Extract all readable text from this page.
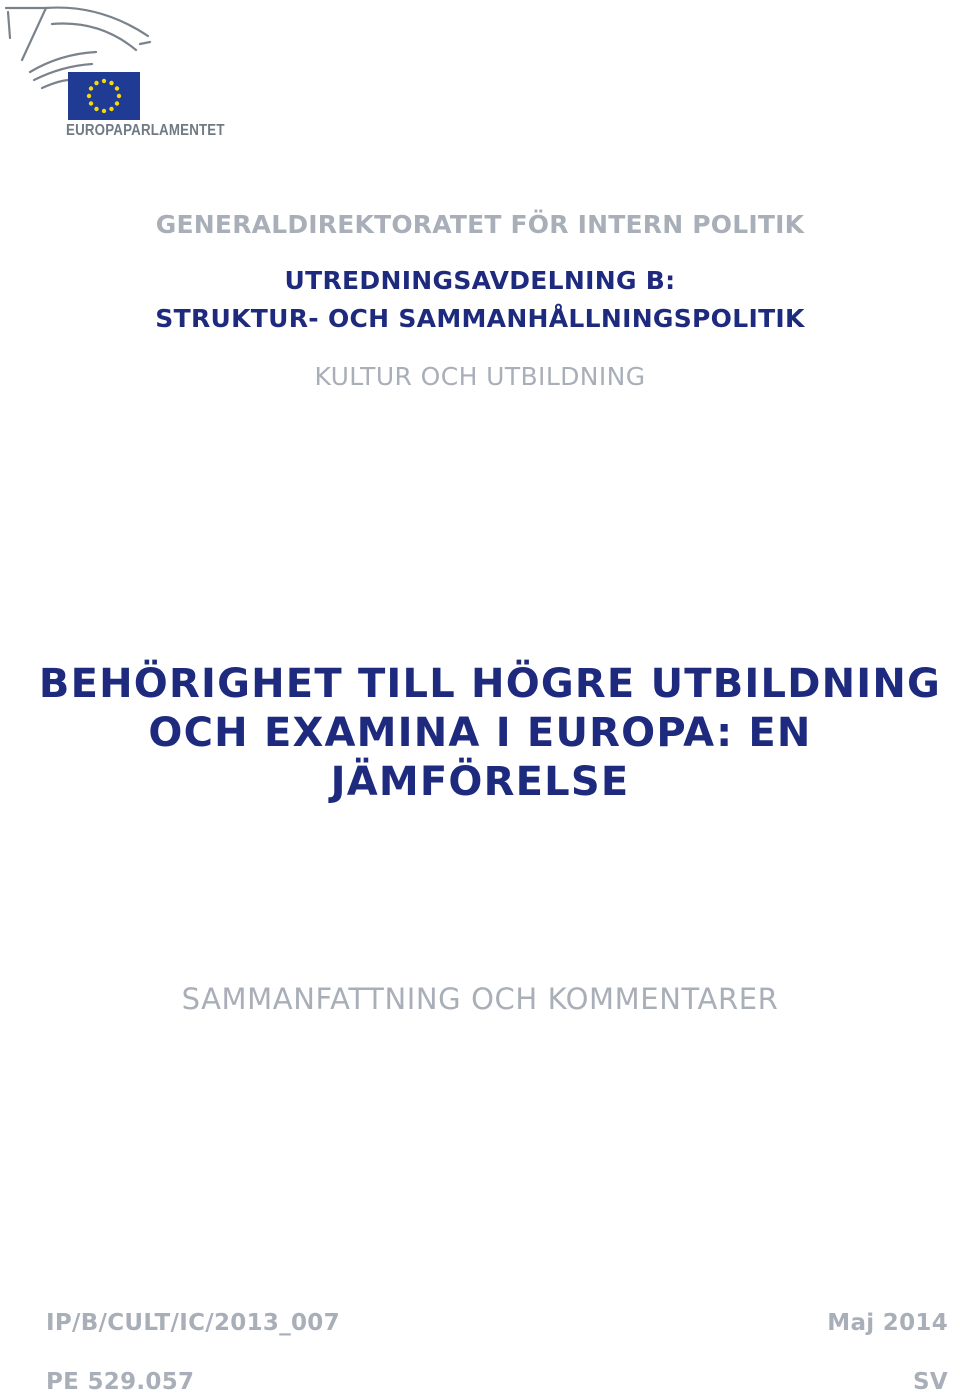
EUROPAPARLAMENTET
GENERALDIREKTORATET FÖR INTERN POLITIK
UTREDNINGSAVDELNING B:
STRUKTUR- OCH SAMMANHÅLLNINGSPOLITIK
KULTUR OCH UTBILDNING
BEHÖRIGHET TILL HÖGRE UTBILDNING
OCH EXAMINA I EUROPA: EN
JÄMFÖRELSE
SAMMANFATTNING OCH KOMMENTARER
IP/B/CULT/IC/2013_007	Maj 2014
PE 529.057	SV
